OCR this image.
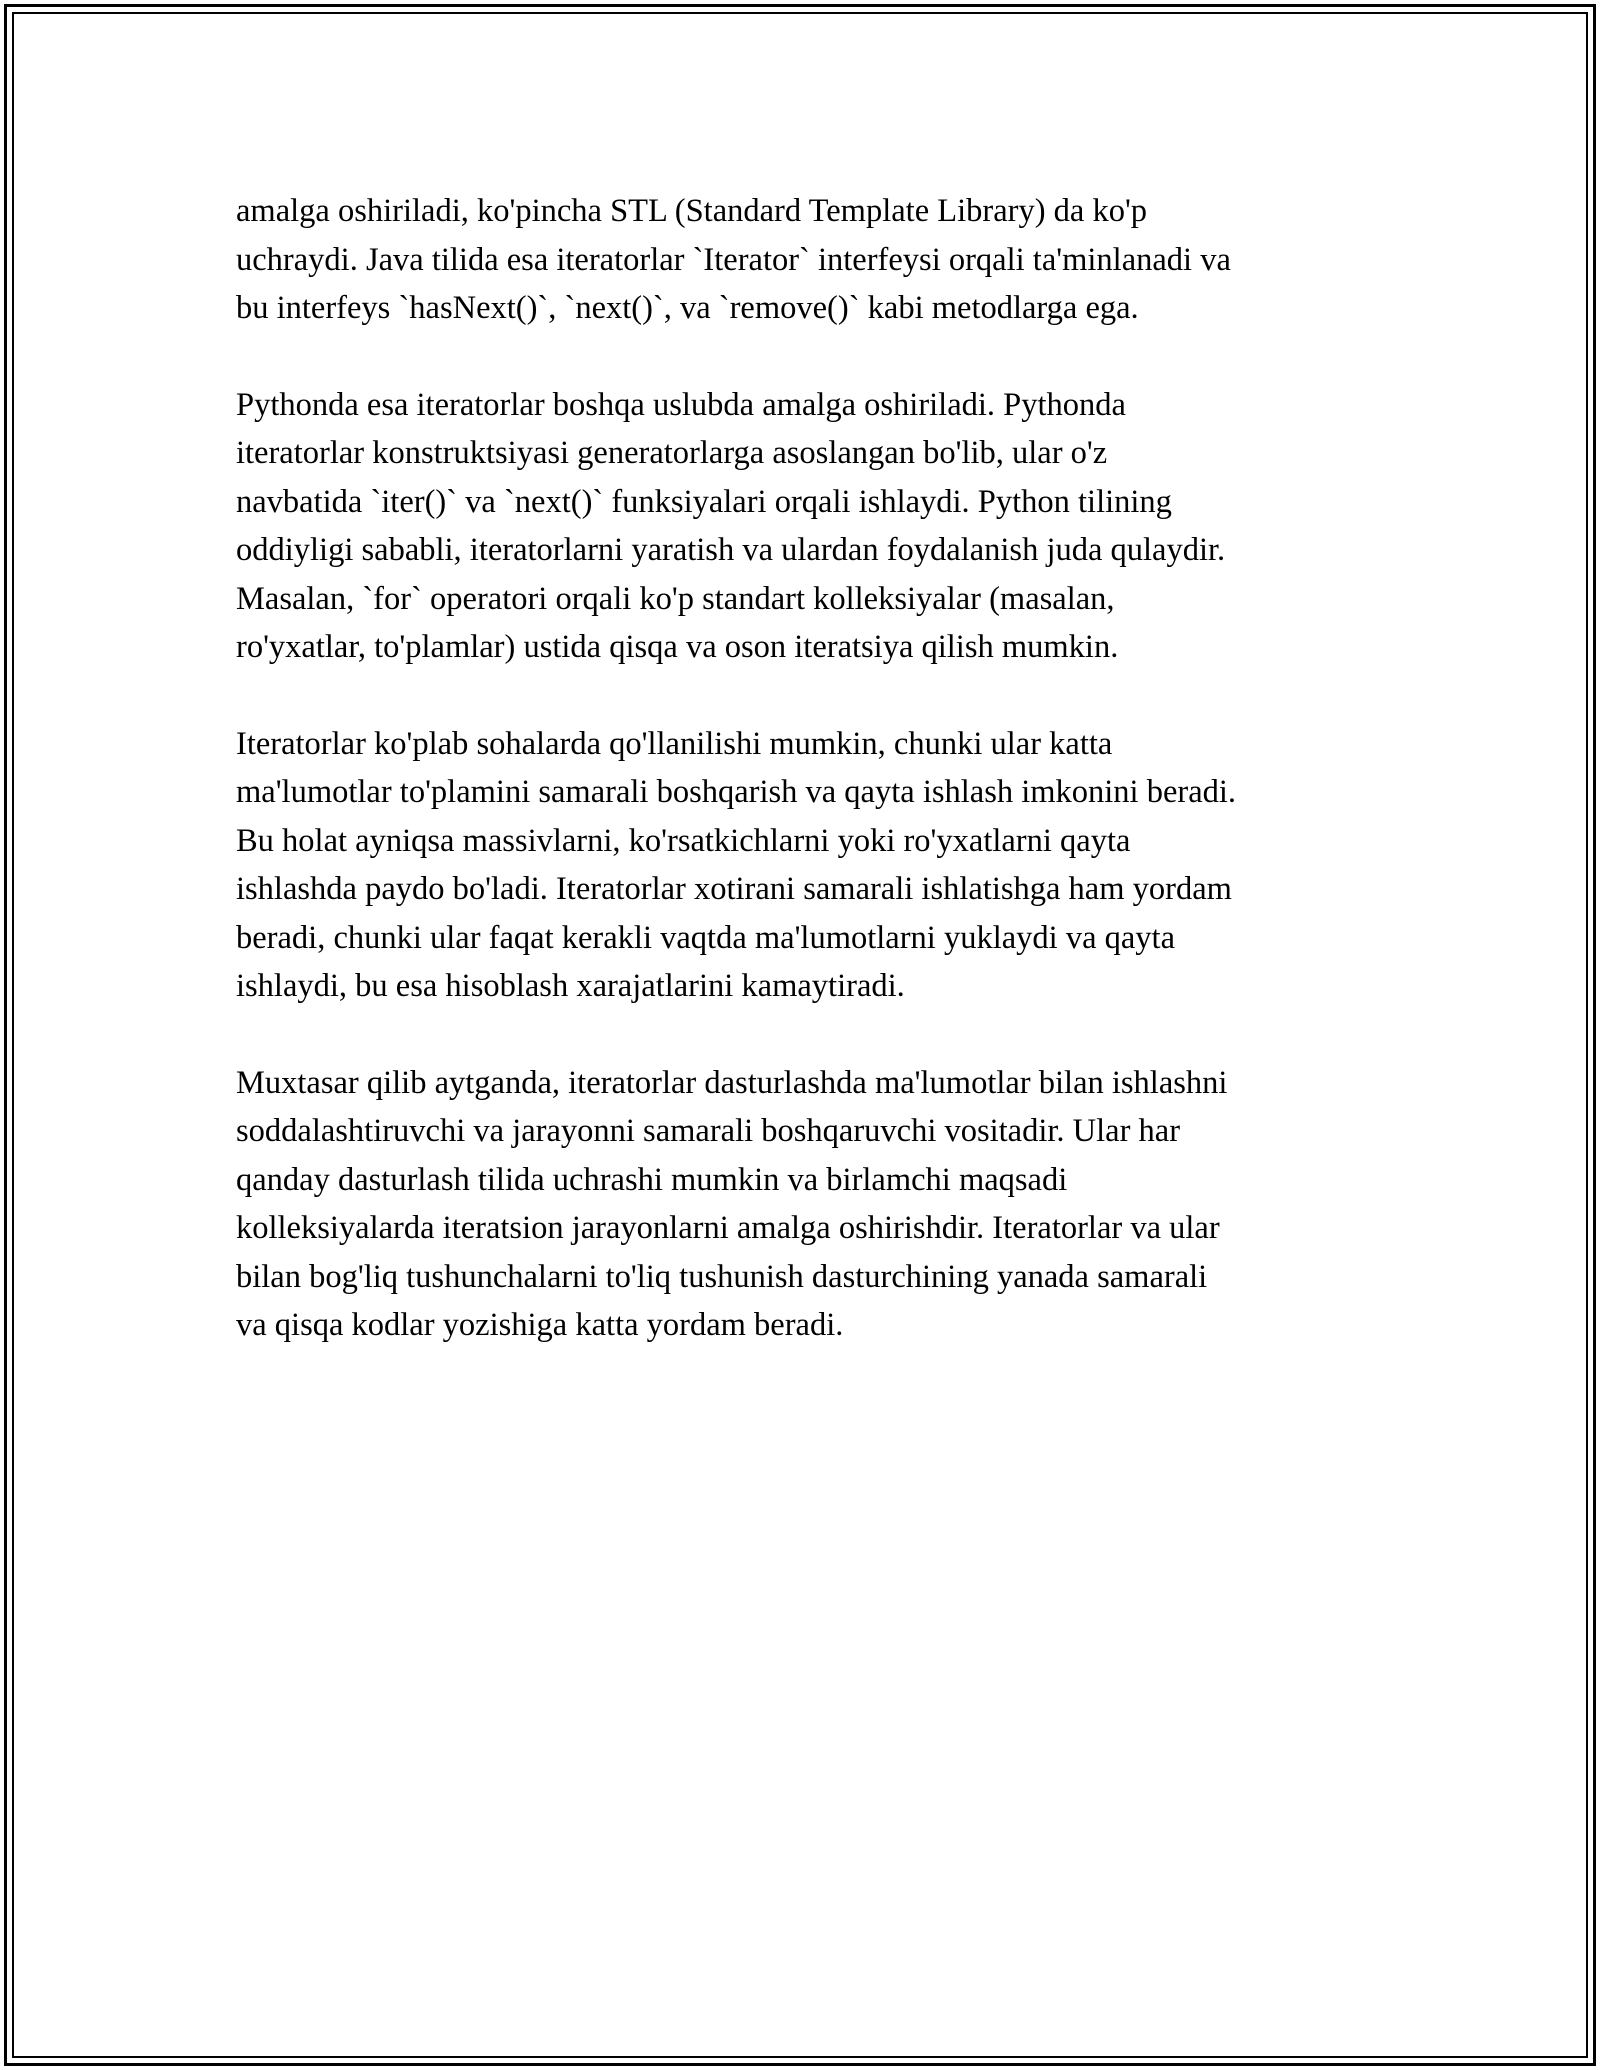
amalga oshiriladi, ko'pincha STL (Standard Template Library) da ko'p
uchraydi. Java tilida esa iteratorlar `Iterator` interfeysi orqali ta'minlanadi va
bu interfeys `hasNext()`, `next()`, va `remove()` kabi metodlarga ega.

Pythonda esa iteratorlar boshqa uslubda amalga oshiriladi. Pythonda
iteratorlar konstruktsiyasi generatorlarga asoslangan bo'lib, ular o'z
navbatida `iter()` va `next()` funksiyalari orqali ishlaydi. Python tilining
oddiyligi sababli, iteratorlarni yaratish va ulardan foydalanish juda qulaydir.
Masalan, `for` operatori orqali ko'p standart kolleksiyalar (masalan,
ro'yxatlar, to'plamlar) ustida qisqa va oson iteratsiya qilish mumkin.

Iteratorlar ko'plab sohalarda qo'llanilishi mumkin, chunki ular katta
ma'lumotlar to'plamini samarali boshqarish va qayta ishlash imkonini beradi.
Bu holat ayniqsa massivlarni, ko'rsatkichlarni yoki ro'yxatlarni qayta
ishlashda paydo bo'ladi. Iteratorlar xotirani samarali ishlatishga ham yordam
beradi, chunki ular faqat kerakli vaqtda ma'lumotlarni yuklaydi va qayta
ishlaydi, bu esa hisoblash xarajatlarini kamaytiradi.

Muxtasar qilib aytganda, iteratorlar dasturlashda ma'lumotlar bilan ishlashni
soddalashtiruvchi va jarayonni samarali boshqaruvchi vositadir. Ular har
qanday dasturlash tilida uchrashi mumkin va birlamchi maqsadi
kolleksiyalarda iteratsion jarayonlarni amalga oshirishdir. Iteratorlar va ular
bilan bog'liq tushunchalarni to'liq tushunish dasturchining yanada samarali
va qisqa kodlar yozishiga katta yordam beradi.
